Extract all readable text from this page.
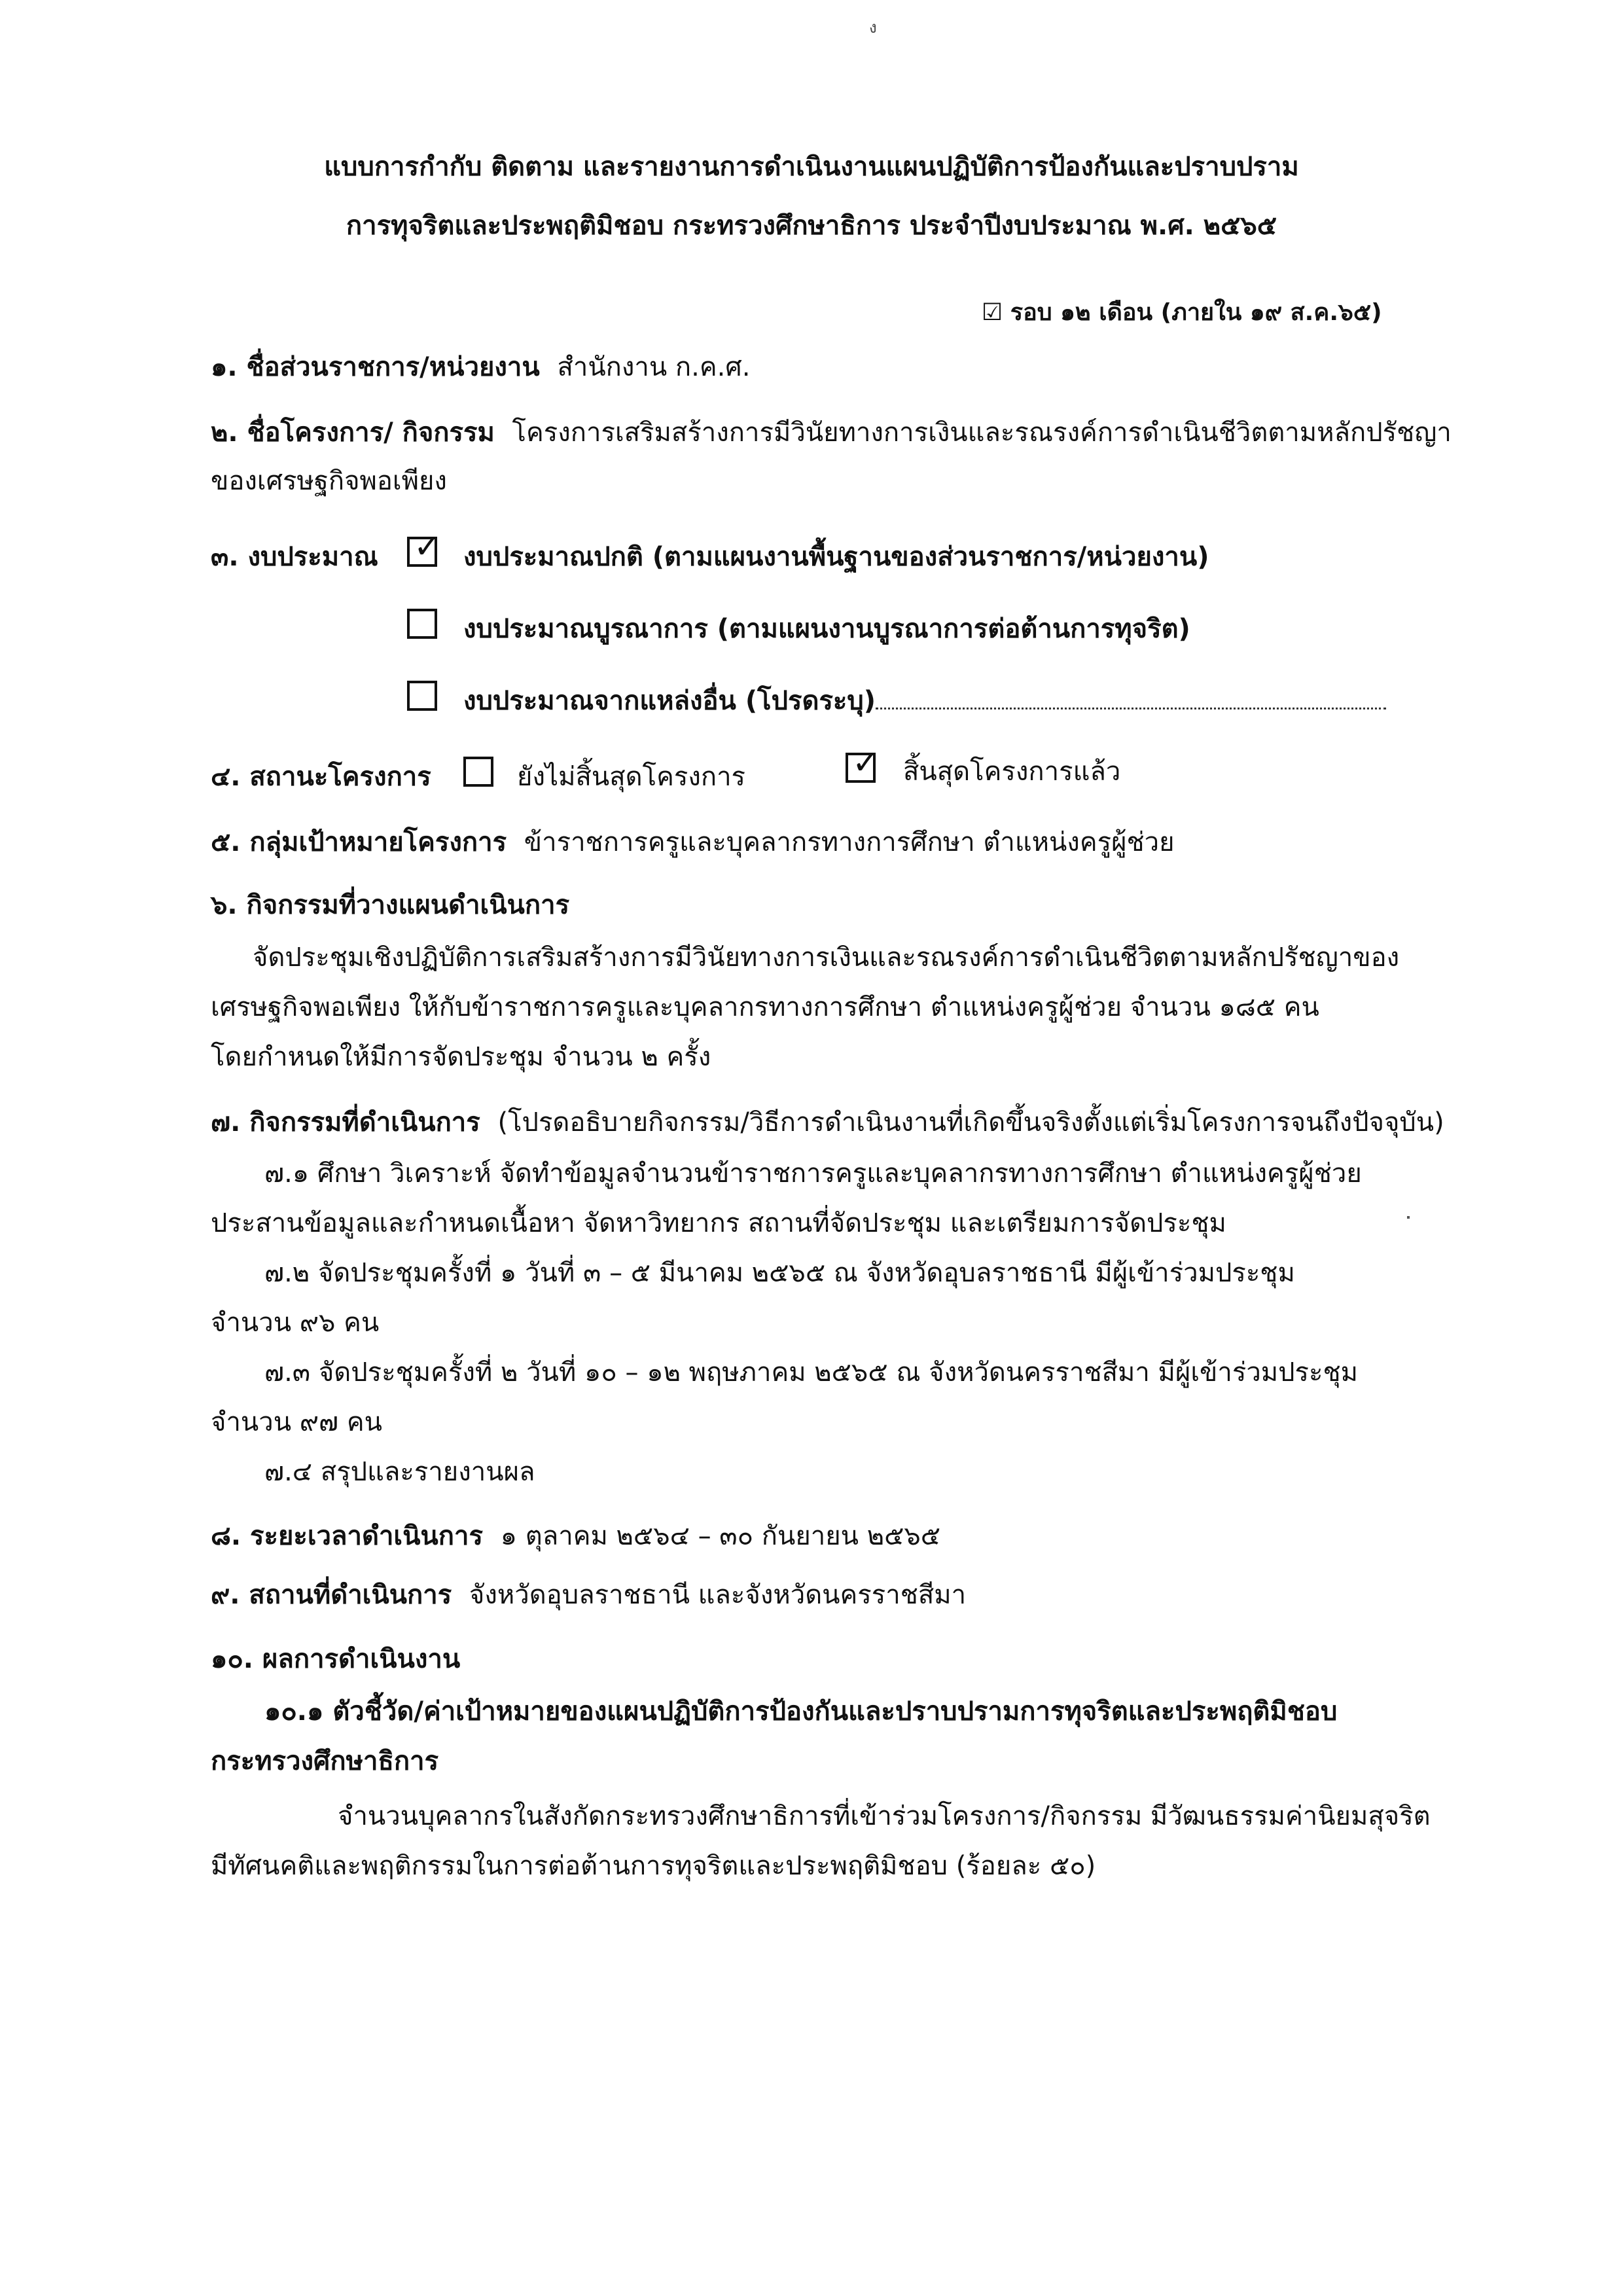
ง
แบบการกำกับ ติดตาม และรายงานการดำเนินงานแผนปฏิบัติการป้องกันและปราบปราม
การทุจริตและประพฤติมิชอบ กระทรวงศึกษาธิการ ประจำปีงบประมาณ พ.ศ. ๒๕๖๕
☑ รอบ ๑๒ เดือน (ภายใน ๑๙ ส.ค.๖๕)
๑. ชื่อส่วนราชการ/หน่วยงาน สำนักงาน ก.ค.ศ.
๒. ชื่อโครงการ/ กิจกรรม โครงการเสริมสร้างการมีวินัยทางการเงินและรณรงค์การดำเนินชีวิตตามหลักปรัชญา
ของเศรษฐกิจพอเพียง
๓. งบประมาณ ✓ งบประมาณปกติ (ตามแผนงานพื้นฐานของส่วนราชการ/หน่วยงาน)
งบประมาณบูรณาการ (ตามแผนงานบูรณาการต่อต้านการทุจริต)
งบประมาณจากแหล่งอื่น (โปรดระบุ)
๔. สถานะโครงการ	ยังไม่สิ้นสุดโครงการ	✓ สิ้นสุดโครงการแล้ว
๕. กลุ่มเป้าหมายโครงการ ข้าราชการครูและบุคลากรทางการศึกษา ตำแหน่งครูผู้ช่วย
๖. กิจกรรมที่วางแผนดำเนินการ
จัดประชุมเชิงปฏิบัติการเสริมสร้างการมีวินัยทางการเงินและรณรงค์การดำเนินชีวิตตามหลักปรัชญาของ
เศรษฐกิจพอเพียง ให้กับข้าราชการครูและบุคลากรทางการศึกษา ตำแหน่งครูผู้ช่วย จำนวน ๑๘๕ คน
โดยกำหนดให้มีการจัดประชุม จำนวน ๒ ครั้ง
๗. กิจกรรมที่ดำเนินการ (โปรดอธิบายกิจกรรม/วิธีการดำเนินงานที่เกิดขึ้นจริงตั้งแต่เริ่มโครงการจนถึงปัจจุบัน)
๗.๑ ศึกษา วิเคราะห์ จัดทำข้อมูลจำนวนข้าราชการครูและบุคลากรทางการศึกษา ตำแหน่งครูผู้ช่วย
ประสานข้อมูลและกำหนดเนื้อหา จัดหาวิทยากร สถานที่จัดประชุม และเตรียมการจัดประชุม
๗.๒ จัดประชุมครั้งที่ ๑ วันที่ ๓ – ๕ มีนาคม ๒๕๖๕ ณ จังหวัดอุบลราชธานี มีผู้เข้าร่วมประชุม
จำนวน ๙๖ คน
๗.๓ จัดประชุมครั้งที่ ๒ วันที่ ๑๐ – ๑๒ พฤษภาคม ๒๕๖๕ ณ จังหวัดนครราชสีมา มีผู้เข้าร่วมประชุม
จำนวน ๙๗ คน
๗.๔ สรุปและรายงานผล
๘. ระยะเวลาดำเนินการ ๑ ตุลาคม ๒๕๖๔ – ๓๐ กันยายน ๒๕๖๕
๙. สถานที่ดำเนินการ จังหวัดอุบลราชธานี และจังหวัดนครราชสีมา
๑๐. ผลการดำเนินงาน
๑๐.๑ ตัวชี้วัด/ค่าเป้าหมายของแผนปฏิบัติการป้องกันและปราบปรามการทุจริตและประพฤติมิชอบ
กระทรวงศึกษาธิการ
จำนวนบุคลากรในสังกัดกระทรวงศึกษาธิการที่เข้าร่วมโครงการ/กิจกรรม มีวัฒนธรรมค่านิยมสุจริต
มีทัศนคติและพฤติกรรมในการต่อต้านการทุจริตและประพฤติมิชอบ (ร้อยละ ๕๐)
